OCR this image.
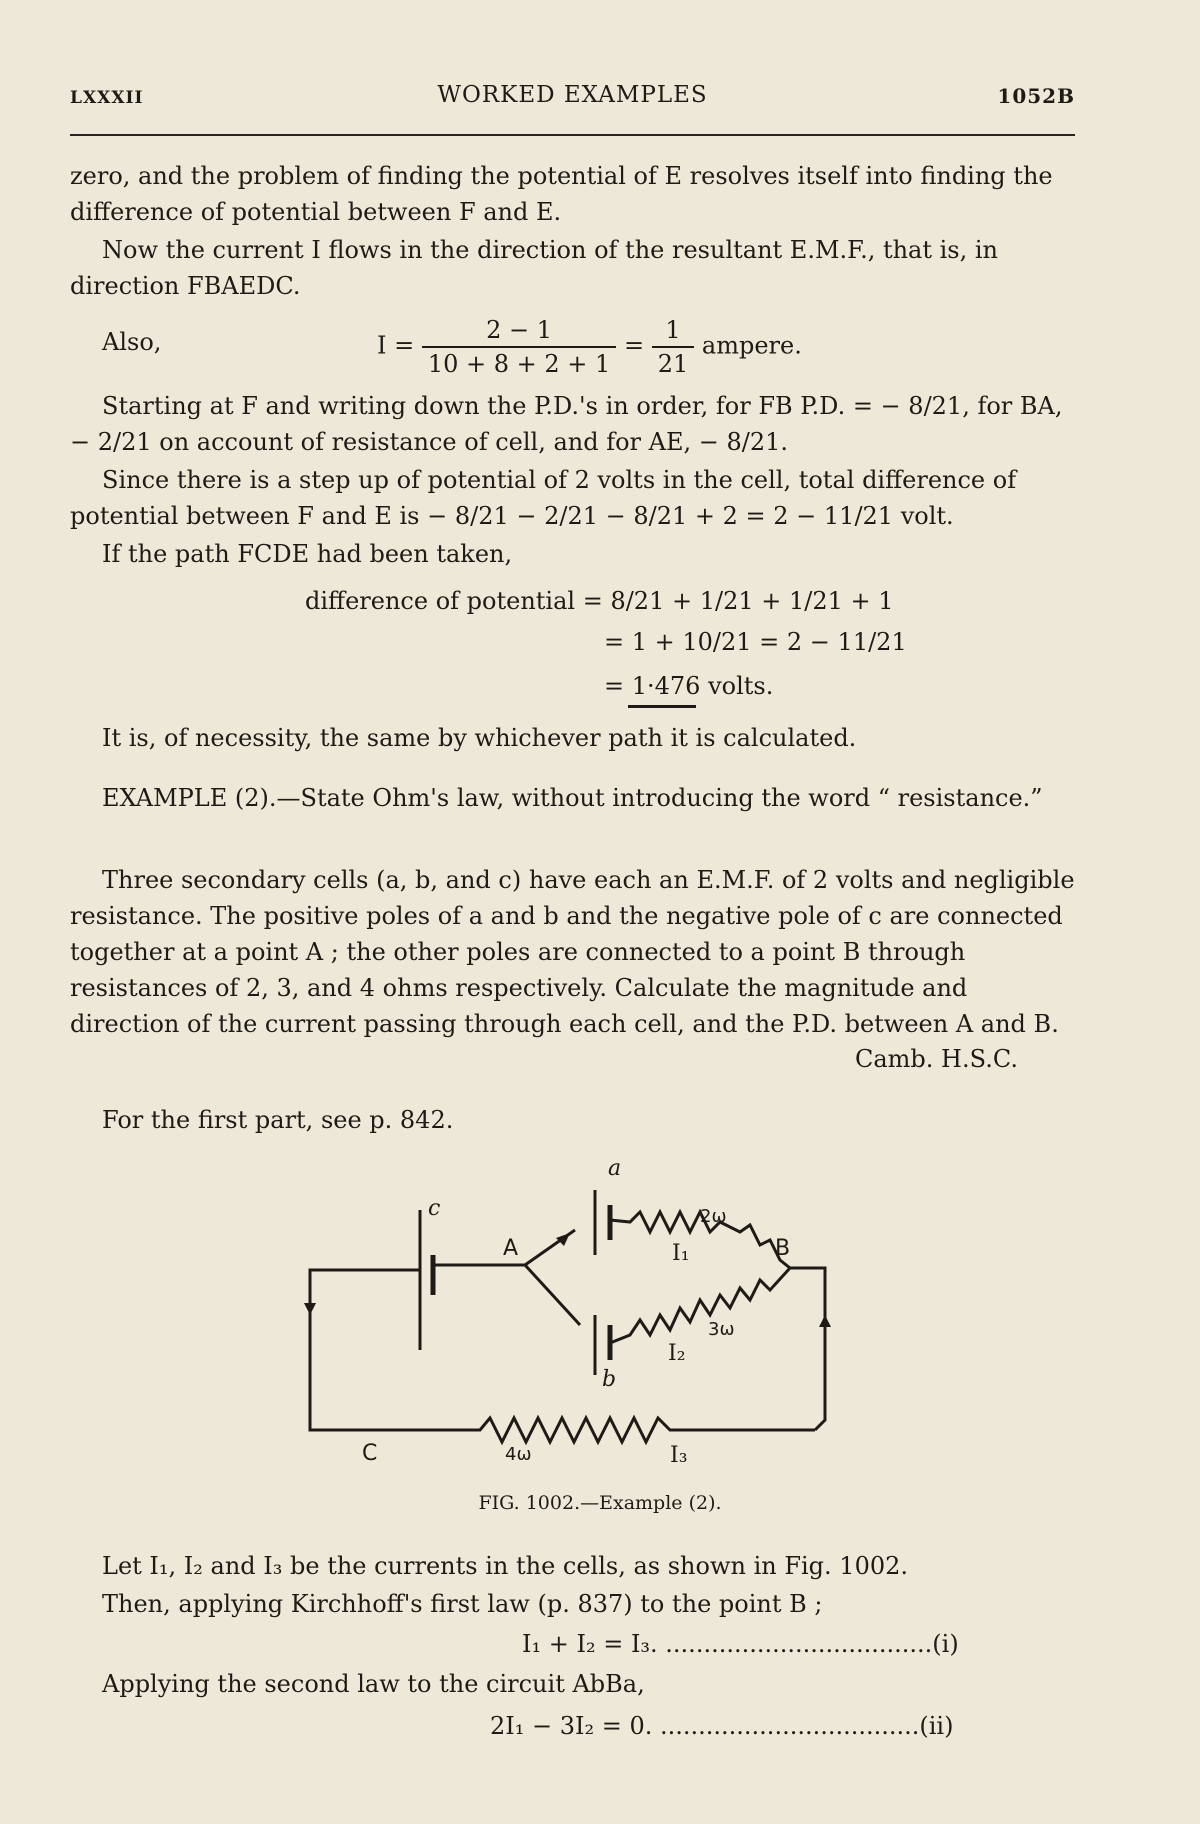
LXXXII	WORKED EXAMPLES	1052B
zero, and the problem of finding the potential of E resolves itself into finding the difference of potential between F and E.
Now the current I flows in the direction of the resultant E.M.F., that is, in direction FBAEDC.
Also,	$I = \frac{2 - 1}{10 + 8 + 2 + 1} = \frac{1}{21}$ ampere.
Starting at F and writing down the P.D.'s in order, for FB P.D. = − 8/21, for BA, − 2/21 on account of resistance of cell, and for AE, − 8/21.
Since there is a step up of potential of 2 volts in the cell, total difference of potential between F and E is − 8/21 − 2/21 − 8/21 + 2 = 2 − 11/21 volt.
If the path FCDE had been taken,
difference of potential = 8/21 + 1/21 + 1/21 + 1
= 1 + 10/21 = 2 − 11/21
= 1·476 volts.
It is, of necessity, the same by whichever path it is calculated.
EXAMPLE (2).—State Ohm's law, without introducing the word “ resistance.”
Three secondary cells (a, b, and c) have each an E.M.F. of 2 volts and negligible resistance. The positive poles of a and b and the negative pole of c are connected together at a point A ; the other poles are connected to a point B through resistances of 2, 3, and 4 ohms respectively. Calculate the magnitude and direction of the current passing through each cell, and the P.D. between A and B.
Camb. H.S.C.
For the first part, see p. 842.
a
c
b
A	B
C
2ω
3ω
4ω
I₁
I₂
I₃
FIG. 1002.—Example (2).
Let I₁, I₂ and I₃ be the currents in the cells, as shown in Fig. 1002.
Then, applying Kirchhoff's first law (p. 837) to the point B ;
I₁ + I₂ = I₃. ...................................(i)
Applying the second law to the circuit AbBa,
2I₁ − 3I₂ = 0. ..................................(ii)
